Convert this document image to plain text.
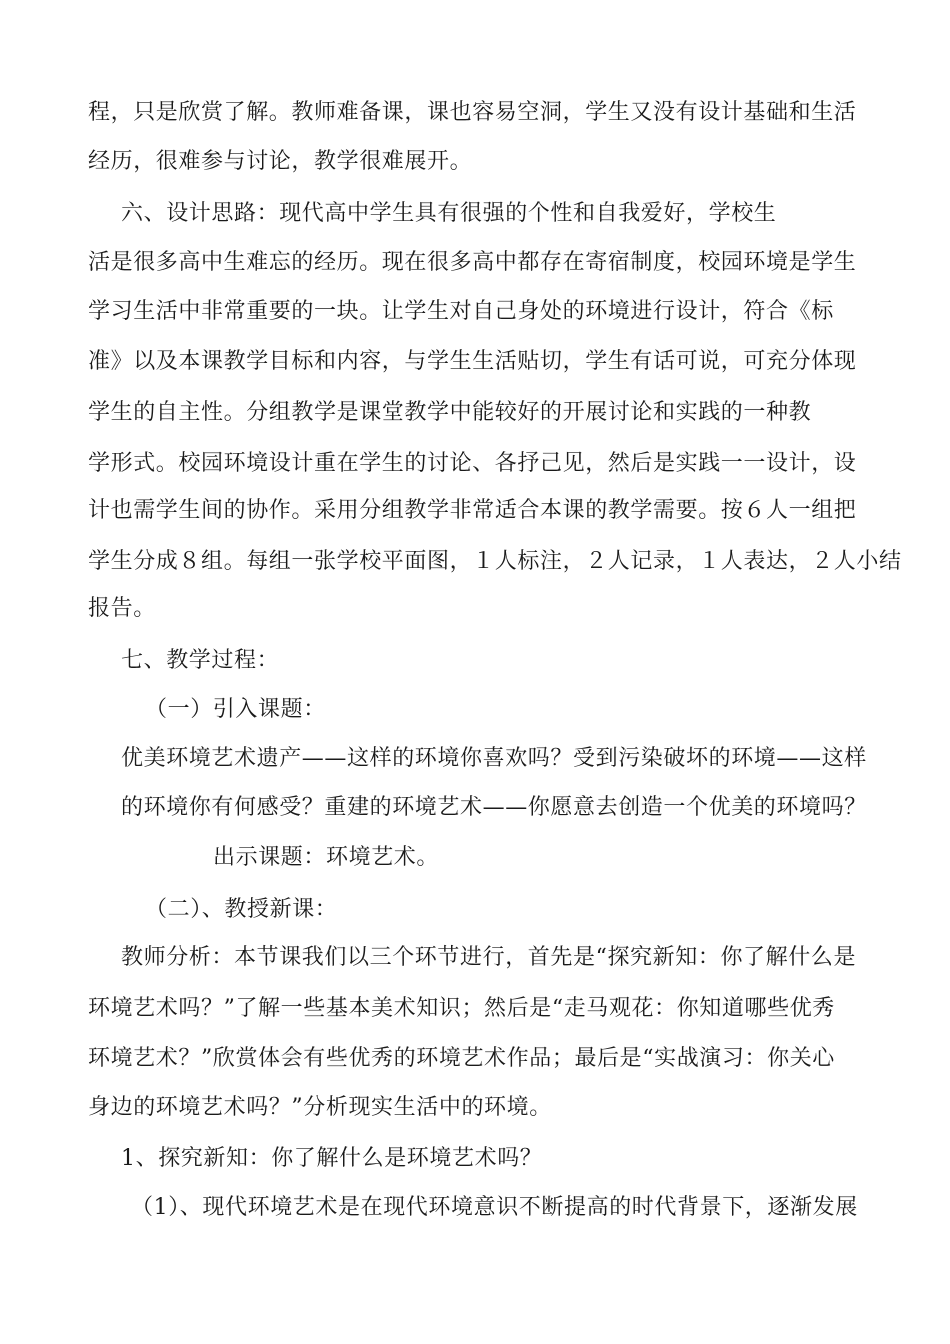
程，只是欣赏了解。教师难备课，课也容易空洞，学生又没有设计基础和生活
经历，很难参与讨论，教学很难展开。
六、设计思路：现代高中学生具有很强的个性和自我爱好，学校生
活是很多高中生难忘的经历。现在很多高中都存在寄宿制度，校园环境是学生
学习生活中非常重要的一块。让学生对自己身处的环境进行设计，符合《标
准》以及本课教学目标和内容，与学生生活贴切，学生有话可说，可充分体现
学生的自主性。分组教学是课堂教学中能较好的开展讨论和实践的一种教
学形式。校园环境设计重在学生的讨论、各抒己见，然后是实践一一设计，设
计也需学生间的协作。采用分组教学非常适合本课的教学需要。按６人一组把
学生分成８组。每组一张学校平面图，１人标注，２人记录，１人表达，２人小结
报告。
七、教学过程：
（一）引入课题：
优美环境艺术遗产——这样的环境你喜欢吗？受到污染破坏的环境——这样
的环境你有何感受？重建的环境艺术——你愿意去创造一个优美的环境吗？
出示课题：环境艺术。
（二）、教授新课：
教师分析：本节课我们以三个环节进行，首先是“探究新知：你了解什么是
环境艺术吗？”了解一些基本美术知识；然后是“走马观花：你知道哪些优秀
环境艺术？”欣赏体会有些优秀的环境艺术作品；最后是“实战演习：你关心
身边的环境艺术吗？”分析现实生活中的环境。
1、探究新知：你了解什么是环境艺术吗？
（1）、现代环境艺术是在现代环境意识不断提高的时代背景下，逐渐发展
